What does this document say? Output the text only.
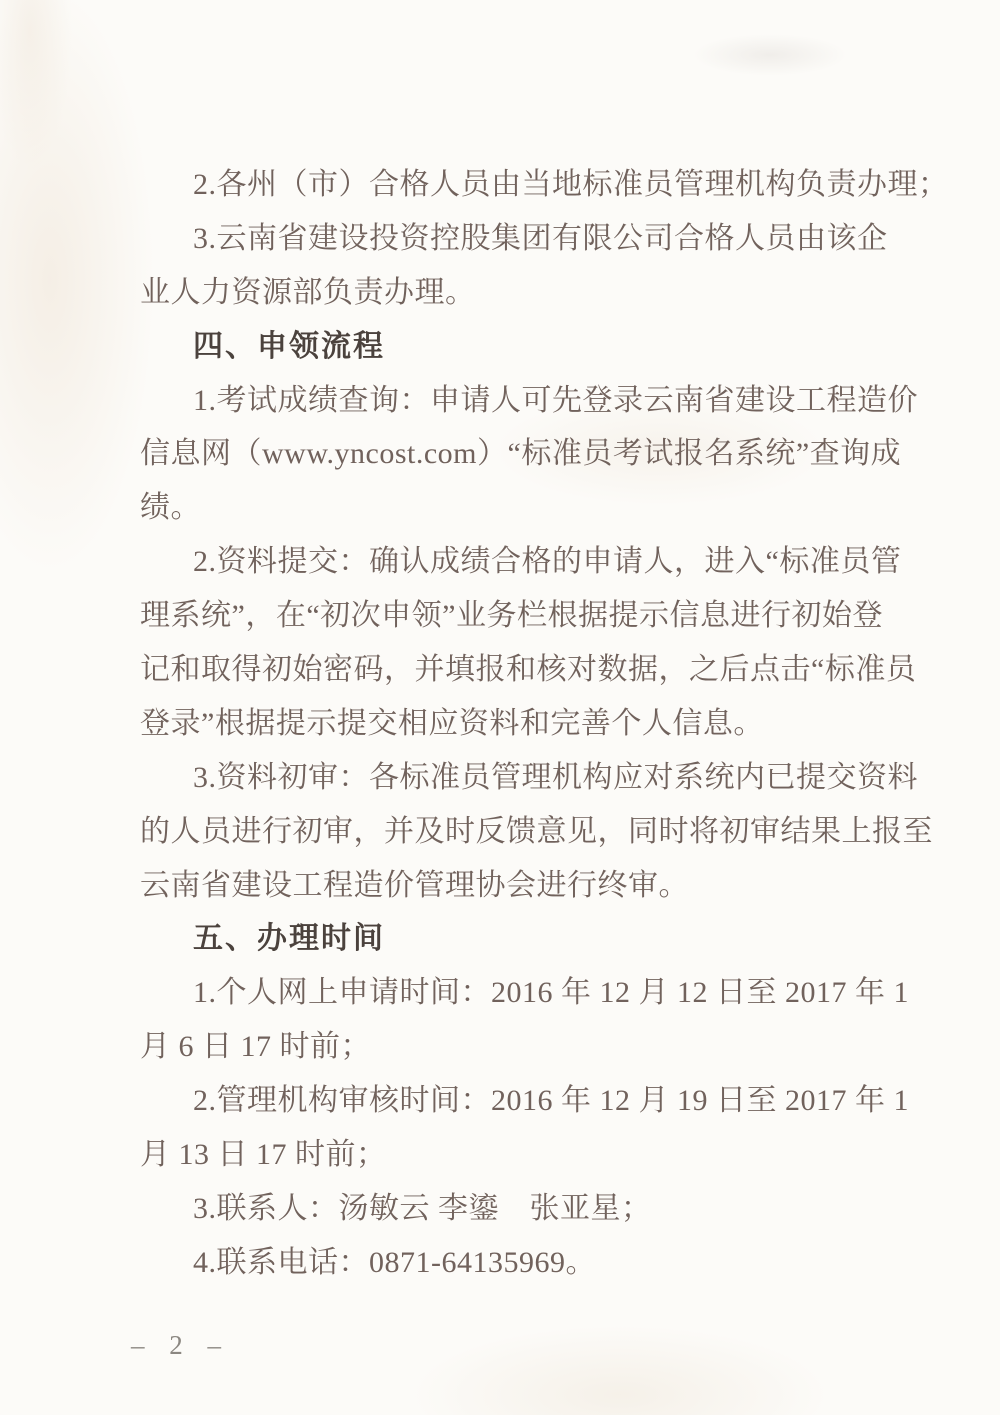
2.各州（市）合格人员由当地标准员管理机构负责办理；
3.云南省建设投资控股集团有限公司合格人员由该企
业人力资源部负责办理。
四、申领流程
1.考试成绩查询：申请人可先登录云南省建设工程造价
信息网（www.yncost.com）“标准员考试报名系统”查询成
绩。
2.资料提交：确认成绩合格的申请人，进入“标准员管
理系统”，在“初次申领”业务栏根据提示信息进行初始登
记和取得初始密码，并填报和核对数据，之后点击“标准员
登录”根据提示提交相应资料和完善个人信息。
3.资料初审：各标准员管理机构应对系统内已提交资料
的人员进行初审，并及时反馈意见，同时将初审结果上报至
云南省建设工程造价管理协会进行终审。
五、办理时间
1.个人网上申请时间：2016 年 12 月 12 日至 2017 年 1
月 6 日 17 时前；
2.管理机构审核时间：2016 年 12 月 19 日至 2017 年 1
月 13 日 17 时前；
3.联系人：汤敏云 李鎏　张亚星；
4.联系电话：0871-64135969。
– 2 –
